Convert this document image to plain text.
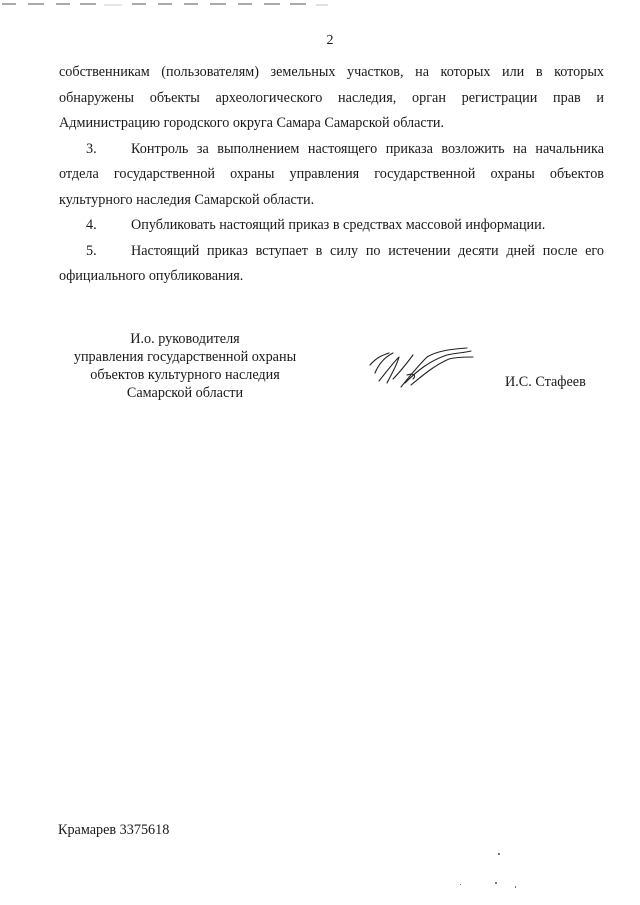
2

собственникам (пользователям) земельных участков, на которых или в которых обнаружены объекты археологического наследия, орган регистрации прав и Администрацию городского округа Самара Самарской области.

3. Контроль за выполнением настоящего приказа возложить на начальника отдела государственной охраны управления государственной охраны объектов культурного наследия Самарской области.

4. Опубликовать настоящий приказ в средствах массовой информации.

5. Настоящий приказ вступает в силу по истечении десяти дней после его официального опубликования.

И.о. руководителя
управления государственной охраны
объектов культурного наследия
Самарской области
И.С. Стафеев
Крамарев 3375618
